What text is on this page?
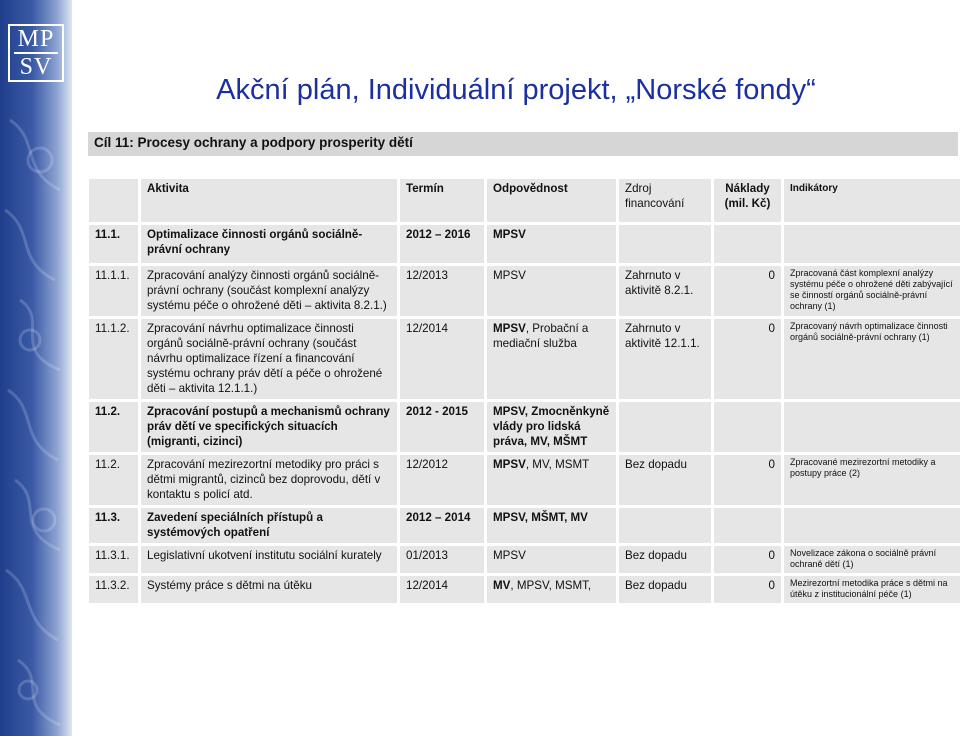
MP
SV
Akční plán, Individuální projekt, „Norské fondy“
Cíl 11: Procesy ochrany a podpory prosperity dětí
	Aktivita	Termín	Odpovědnost	Zdroj financování	Náklady (mil. Kč)	Indikátory
11.1.	Optimalizace činnosti orgánů sociálně-právní ochrany	2012 – 2016	MPSV			
11.1.1.	Zpracování analýzy činnosti orgánů sociálně-právní ochrany (součást komplexní analýzy systému péče o ohrožené děti – aktivita 8.2.1.)	12/2013	MPSV	Zahrnuto v aktivitě 8.2.1.	0	Zpracovaná část komplexní analýzy systému péče o ohrožené děti zabývající se činností orgánů sociálně-právní ochrany (1)
11.1.2.	Zpracování návrhu optimalizace činnosti orgánů sociálně-právní ochrany (součást návrhu optimalizace řízení a financování systému ochrany práv dětí a péče o ohrožené děti – aktivita 12.1.1.)	12/2014	MPSV, Probační a mediační služba	Zahrnuto v aktivitě 12.1.1.	0	Zpracovaný návrh optimalizace činnosti orgánů sociálně-právní ochrany (1)
11.2.	Zpracování postupů a mechanismů ochrany práv dětí ve specifických situacích (migranti, cizinci)	2012 - 2015	MPSV, Zmocněnkyně vlády pro lidská práva, MV, MŠMT			
11.2.	Zpracování mezirezortní metodiky pro práci s dětmi migrantů, cizinců bez doprovodu, dětí v kontaktu s policí atd.	12/2012	MPSV, MV, MSMT	Bez dopadu	0	Zpracované mezirezortní metodiky a postupy práce (2)
11.3.	Zavedení speciálních přístupů a systémových opatření	2012 – 2014	MPSV, MŠMT, MV			
11.3.1.	Legislativní ukotvení institutu sociální kurately	01/2013	MPSV	Bez dopadu	0	Novelizace zákona o sociálně právní ochraně dětí (1)
11.3.2.	Systémy práce s dětmi na útěku	12/2014	MV, MPSV, MSMT,	Bez dopadu	0	Mezirezortní metodika práce s dětmi na útěku z institucionální péče (1)
